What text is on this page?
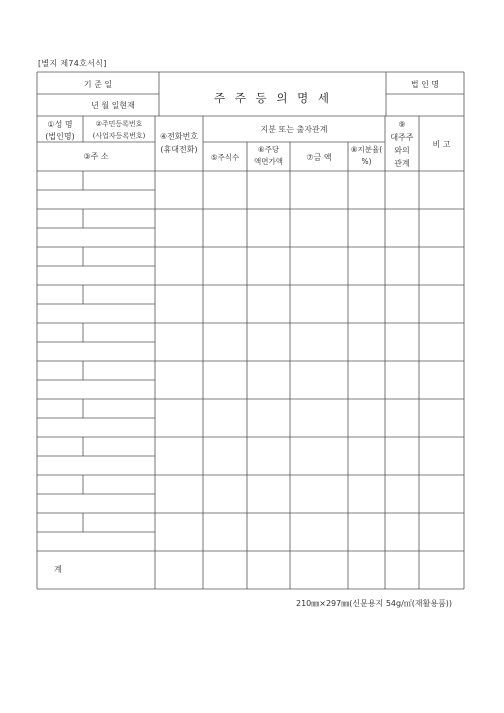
[별지 제74호서식]
기 준 일
년 월 일현재
주 주 등 의 명 세
법 인 명
①성 명
(법인명)
②주민등록번호
(사업자등록번호)
③주 소
④전화번호
(휴대전화)
지분 또는 출자관계
⑤주식수
⑥주당
액면가액	⑦금 액
⑧지분율(
%)
⑨
대주주
와의
관계
비 고
계
210㎜×297㎜(신문용지 54g/㎡(재활용품))
